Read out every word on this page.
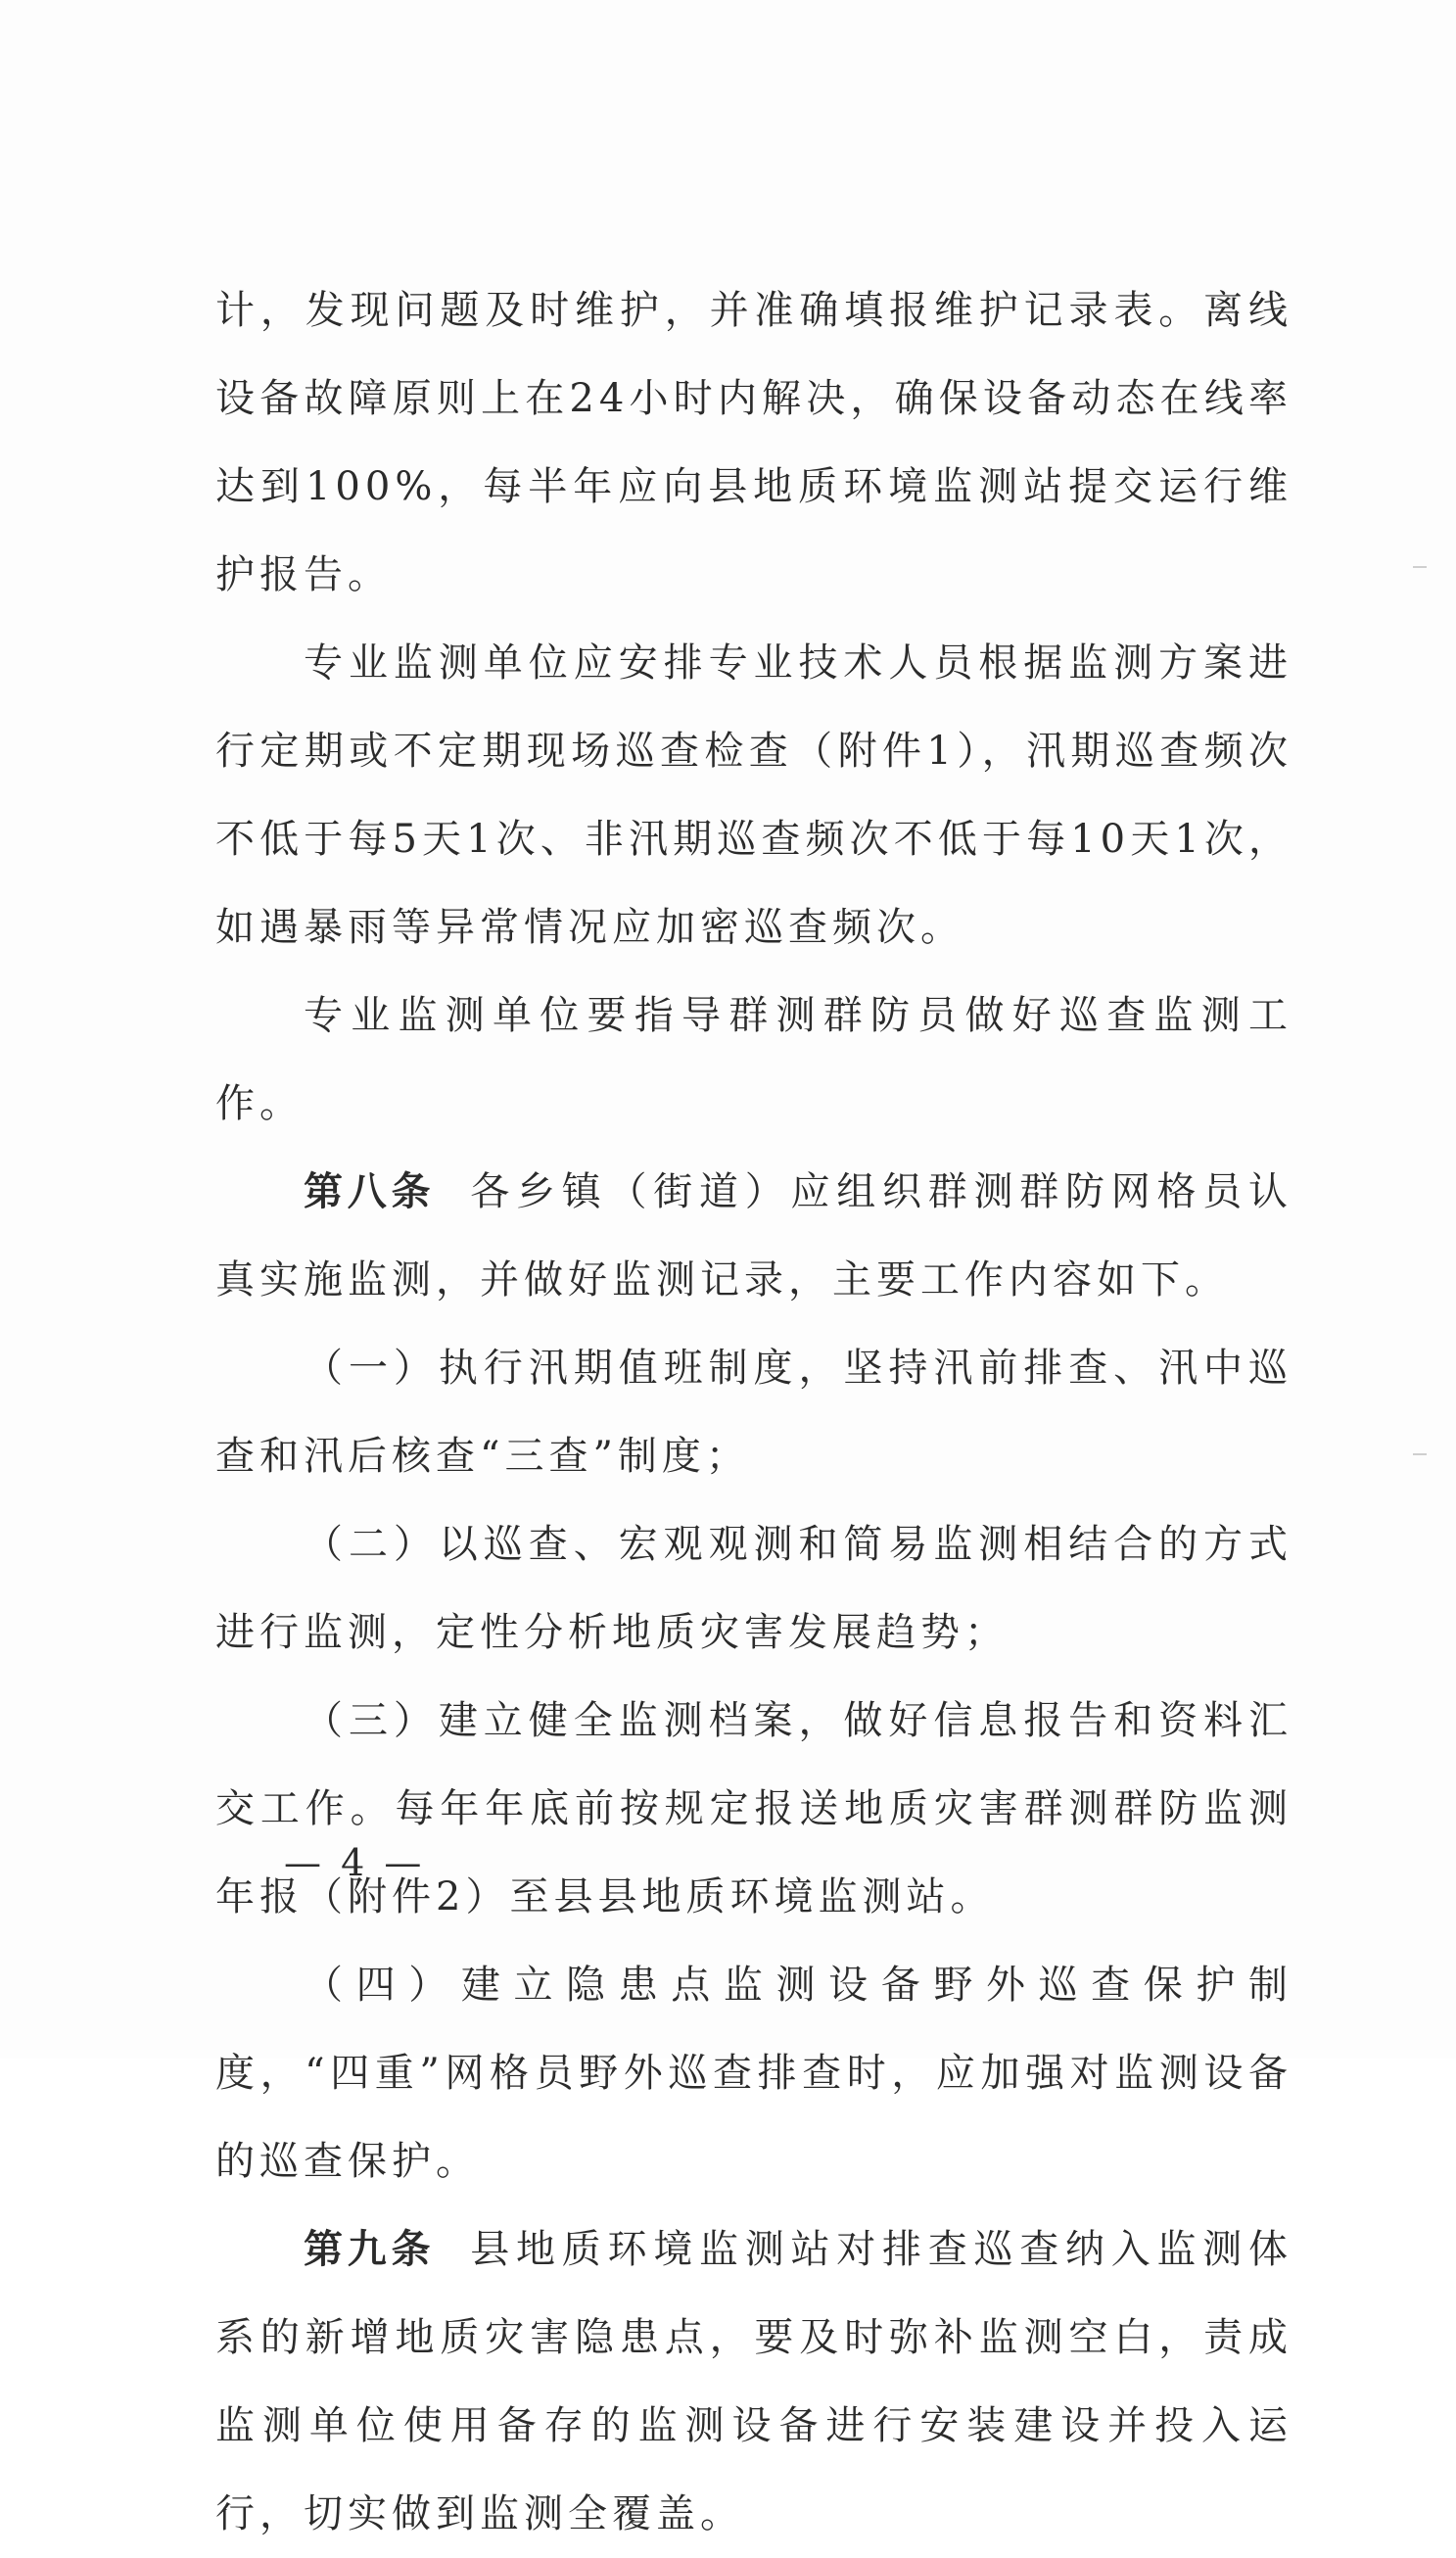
计，发现问题及时维护，并准确填报维护记录表。离线设备故障原则上在24小时内解决，确保设备动态在线率达到100%，每半年应向县地质环境监测站提交运行维护报告。

专业监测单位应安排专业技术人员根据监测方案进行定期或不定期现场巡查检查（附件1），汛期巡查频次不低于每5天1次、非汛期巡查频次不低于每10天1次，如遇暴雨等异常情况应加密巡查频次。

专业监测单位要指导群测群防员做好巡查监测工作。

第八条 各乡镇（街道）应组织群测群防网格员认真实施监测，并做好监测记录，主要工作内容如下。

（一）执行汛期值班制度，坚持汛前排查、汛中巡查和汛后核查“三查”制度；

（二）以巡查、宏观观测和简易监测相结合的方式进行监测，定性分析地质灾害发展趋势；

（三）建立健全监测档案，做好信息报告和资料汇交工作。每年年底前按规定报送地质灾害群测群防监测年报（附件2）至县县地质环境监测站。

（四）建立隐患点监测设备野外巡查保护制度，“四重”网格员野外巡查排查时，应加强对监测设备的巡查保护。

第九条 县地质环境监测站对排查巡查纳入监测体系的新增地质灾害隐患点，要及时弥补监测空白，责成监测单位使用备存的监测设备进行安装建设并投入运行，切实做到监测全覆盖。

— 4 —
